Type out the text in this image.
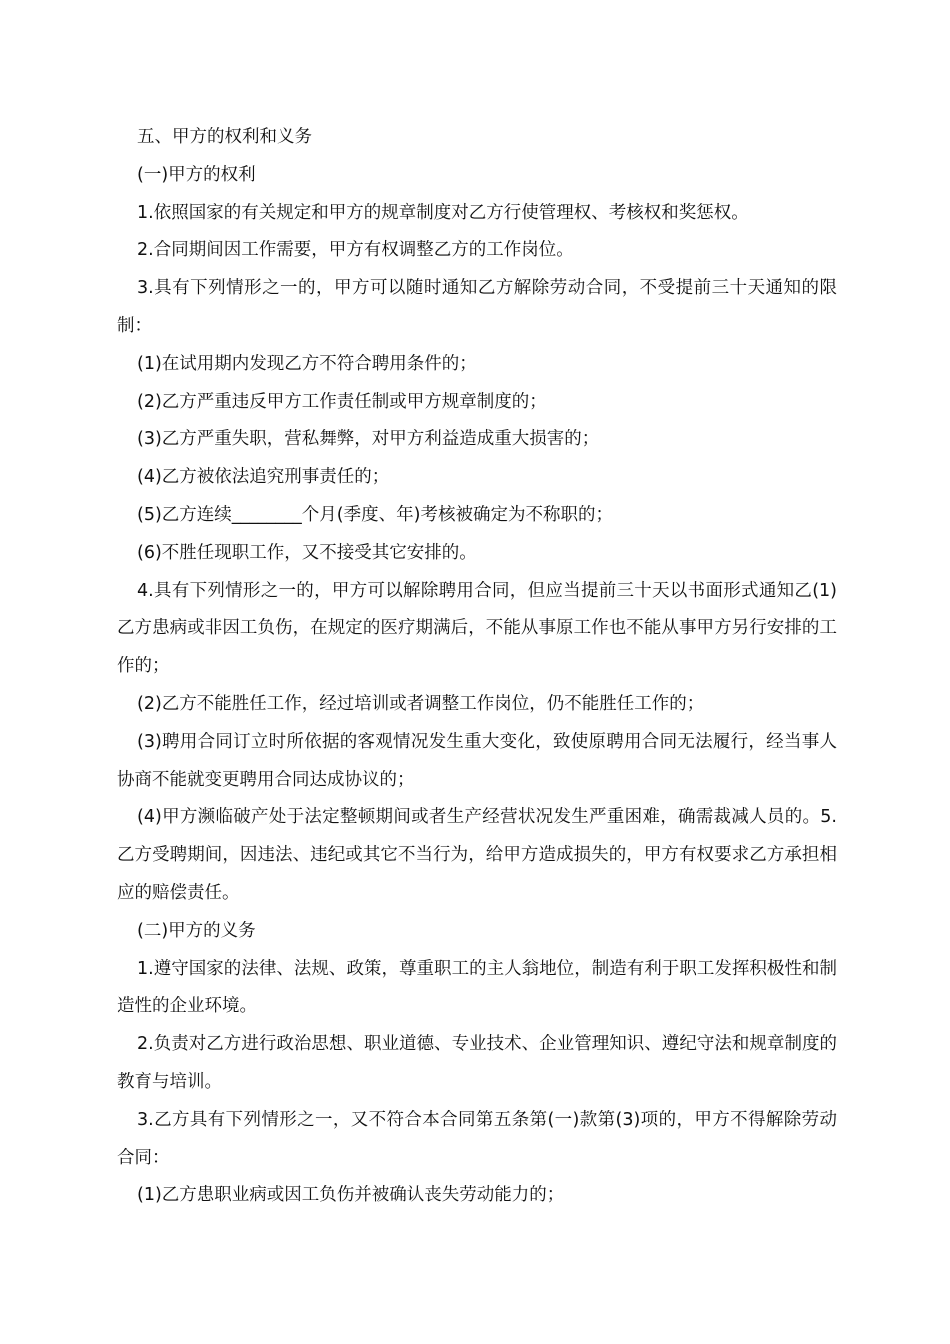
五、甲方的权利和义务

(一)甲方的权利

1.依照国家的有关规定和甲方的规章制度对乙方行使管理权、考核权和奖惩权。

2.合同期间因工作需要，甲方有权调整乙方的工作岗位。

3.具有下列情形之一的，甲方可以随时通知乙方解除劳动合同，不受提前三十天通知的限制：

(1)在试用期内发现乙方不符合聘用条件的；

(2)乙方严重违反甲方工作责任制或甲方规章制度的；

(3)乙方严重失职，营私舞弊，对甲方利益造成重大损害的；

(4)乙方被依法追究刑事责任的；

(5)乙方连续________个月(季度、年)考核被确定为不称职的；

(6)不胜任现职工作，又不接受其它安排的。

4.具有下列情形之一的，甲方可以解除聘用合同，但应当提前三十天以书面形式通知乙(1)乙方患病或非因工负伤，在规定的医疗期满后，不能从事原工作也不能从事甲方另行安排的工作的；

(2)乙方不能胜任工作，经过培训或者调整工作岗位，仍不能胜任工作的；

(3)聘用合同订立时所依据的客观情况发生重大变化，致使原聘用合同无法履行，经当事人协商不能就变更聘用合同达成协议的；

(4)甲方濒临破产处于法定整顿期间或者生产经营状况发生严重困难，确需裁减人员的。5.乙方受聘期间，因违法、违纪或其它不当行为，给甲方造成损失的，甲方有权要求乙方承担相应的赔偿责任。

(二)甲方的义务

1.遵守国家的法律、法规、政策，尊重职工的主人翁地位，制造有利于职工发挥积极性和制造性的企业环境。

2.负责对乙方进行政治思想、职业道德、专业技术、企业管理知识、遵纪守法和规章制度的教育与培训。

3.乙方具有下列情形之一，又不符合本合同第五条第(一)款第(3)项的，甲方不得解除劳动合同：

(1)乙方患职业病或因工负伤并被确认丧失劳动能力的；
